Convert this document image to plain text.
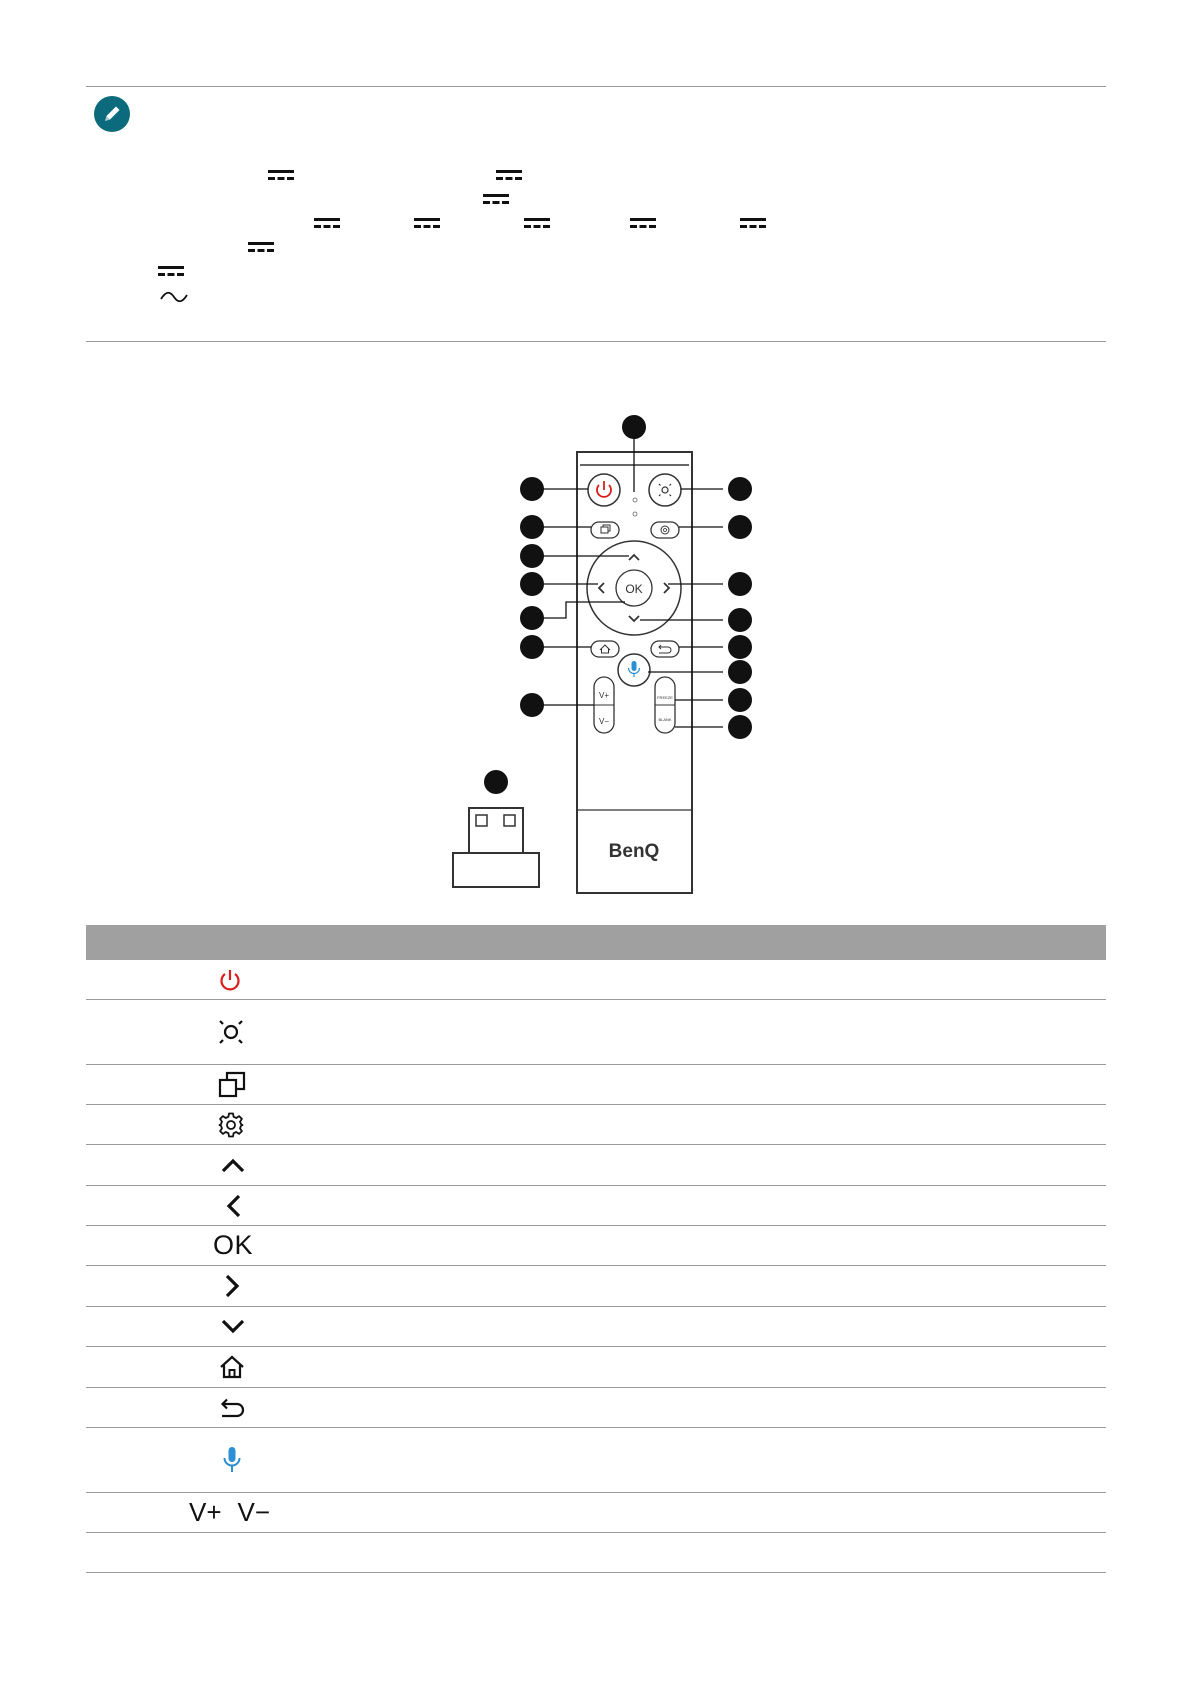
OK
V+
V−
FREEZE
BLANK
BenQ
OK
V+ V−
